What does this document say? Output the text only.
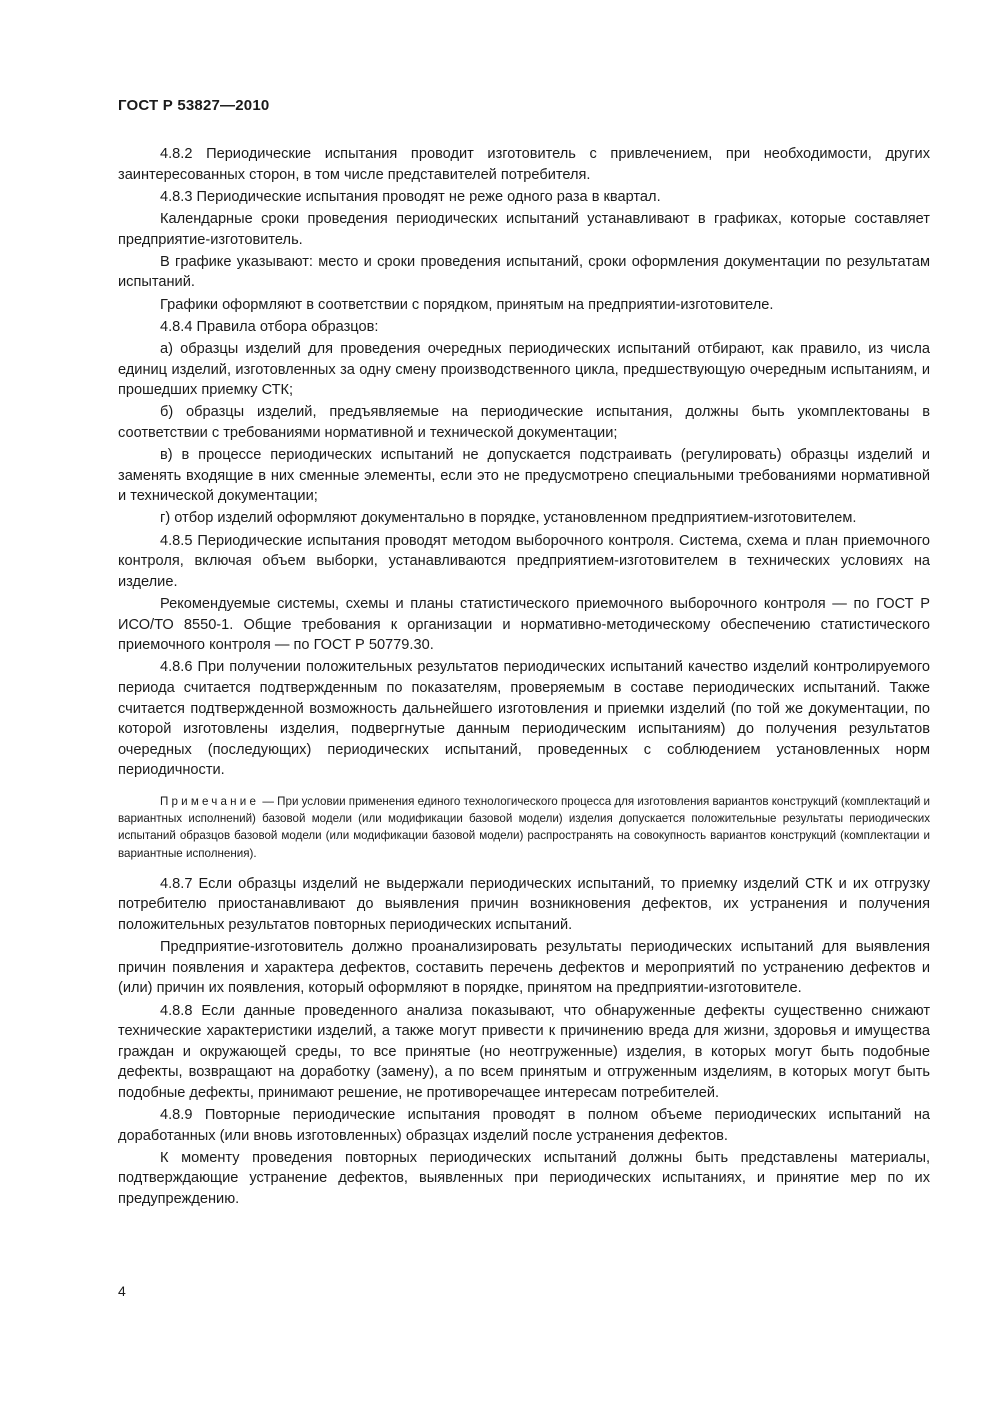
ГОСТ Р 53827—2010

4.8.2 Периодические испытания проводит изготовитель с привлечением, при необходимости, других заинтересованных сторон, в том числе представителей потребителя.

4.8.3 Периодические испытания проводят не реже одного раза в квартал.

Календарные сроки проведения периодических испытаний устанавливают в графиках, которые составляет предприятие-изготовитель.

В графике указывают: место и сроки проведения испытаний, сроки оформления документации по результатам испытаний.

Графики оформляют в соответствии с порядком, принятым на предприятии-изготовителе.

4.8.4 Правила отбора образцов:

а) образцы изделий для проведения очередных периодических испытаний отбирают, как правило, из числа единиц изделий, изготовленных за одну смену производственного цикла, предшествующую очередным испытаниям, и прошедших приемку СТК;

б) образцы изделий, предъявляемые на периодические испытания, должны быть укомплектованы в соответствии с требованиями нормативной и технической документации;

в) в процессе периодических испытаний не допускается подстраивать (регулировать) образцы изделий и заменять входящие в них сменные элементы, если это не предусмотрено специальными требованиями нормативной и технической документации;

г) отбор изделий оформляют документально в порядке, установленном предприятием-изготовителем.

4.8.5 Периодические испытания проводят методом выборочного контроля. Система, схема и план приемочного контроля, включая объем выборки, устанавливаются предприятием-изготовителем в технических условиях на изделие.

Рекомендуемые системы, схемы и планы статистического приемочного выборочного контроля — по ГОСТ Р ИСО/ТО 8550-1. Общие требования к организации и нормативно-методическому обеспечению статистического приемочного контроля — по ГОСТ Р 50779.30.

4.8.6 При получении положительных результатов периодических испытаний качество изделий контролируемого периода считается подтвержденным по показателям, проверяемым в составе периодических испытаний. Также считается подтвержденной возможность дальнейшего изготовления и приемки изделий (по той же документации, по которой изготовлены изделия, подвергнутые данным периодическим испытаниям) до получения результатов очередных (последующих) периодических испытаний, проведенных с соблюдением установленных норм периодичности.

Примечание — При условии применения единого технологического процесса для изготовления вариантов конструкций (комплектаций и вариантных исполнений) базовой модели (или модификации базовой модели) изделия допускается положительные результаты периодических испытаний образцов базовой модели (или модификации базовой модели) распространять на совокупность вариантов конструкций (комплектации и вариантные исполнения).

4.8.7 Если образцы изделий не выдержали периодических испытаний, то приемку изделий СТК и их отгрузку потребителю приостанавливают до выявления причин возникновения дефектов, их устранения и получения положительных результатов повторных периодических испытаний.

Предприятие-изготовитель должно проанализировать результаты периодических испытаний для выявления причин появления и характера дефектов, составить перечень дефектов и мероприятий по устранению дефектов и (или) причин их появления, который оформляют в порядке, принятом на предприятии-изготовителе.

4.8.8 Если данные проведенного анализа показывают, что обнаруженные дефекты существенно снижают технические характеристики изделий, а также могут привести к причинению вреда для жизни, здоровья и имущества граждан и окружающей среды, то все принятые (но неотгруженные) изделия, в которых могут быть подобные дефекты, возвращают на доработку (замену), а по всем принятым и отгруженным изделиям, в которых могут быть подобные дефекты, принимают решение, не противоречащее интересам потребителей.

4.8.9 Повторные периодические испытания проводят в полном объеме периодических испытаний на доработанных (или вновь изготовленных) образцах изделий после устранения дефектов.

К моменту проведения повторных периодических испытаний должны быть представлены материалы, подтверждающие устранение дефектов, выявленных при периодических испытаниях, и принятие мер по их предупреждению.

4
